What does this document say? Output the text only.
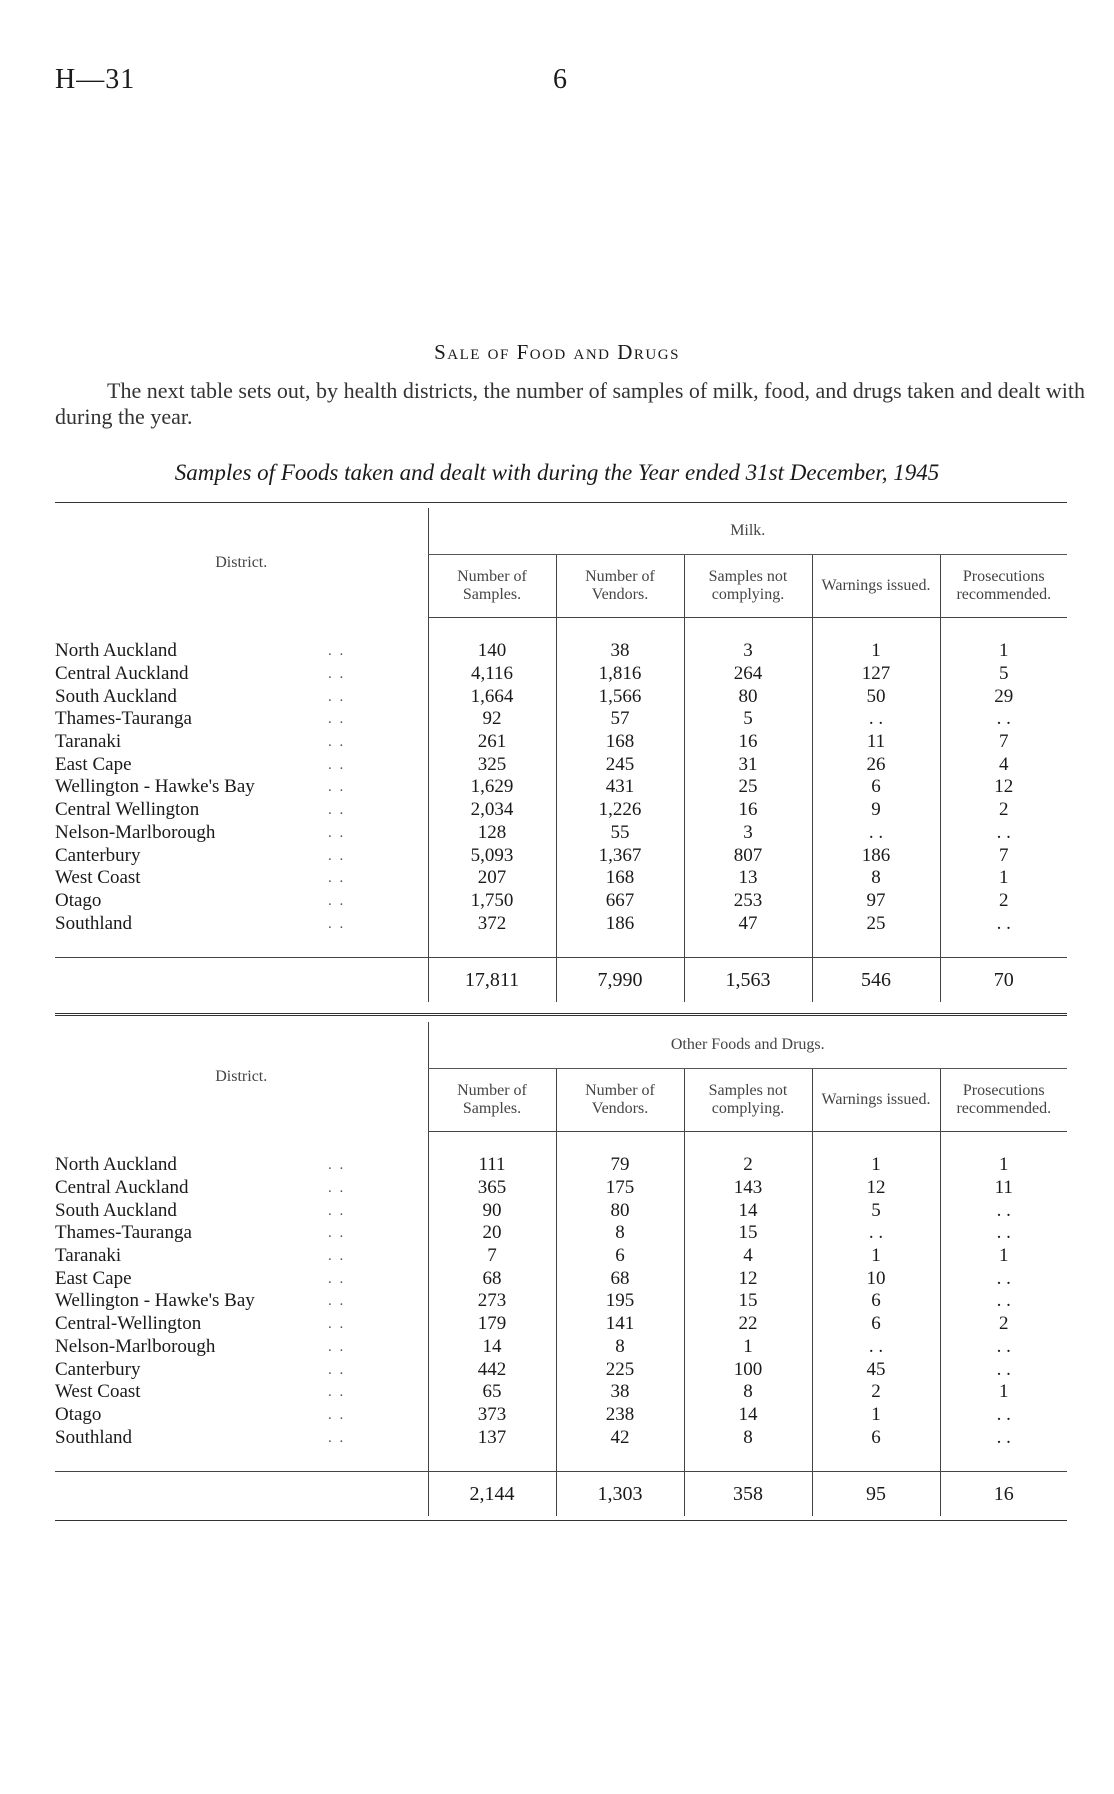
H—31	6
Sale of Food and Drugs
The next table sets out, by health districts, the number of samples of milk, food, and drugs taken and dealt with during the year.
Samples of Foods taken and dealt with during the Year ended 31st December, 1945
District.		Milk.				
		Number of Samples.	Number of Vendors.	Samples not complying.	Warnings issued.	Prosecutions recommended.

North Auckland	. .	140	38	3	1	1
Central Auckland	. .	4,116	1,816	264	127	5
South Auckland	. .	1,664	1,566	80	50	29
Thames-Tauranga	. .	92	57	5	. .	. .
Taranaki	. .	261	168	16	11	7
East Cape	. .	325	245	31	26	4
Wellington - Hawke's Bay	. .	1,629	431	25	6	12
Central Wellington	. .	2,034	1,226	16	9	2
Nelson-Marlborough	. .	128	55	3	. .	. .
Canterbury	. .	5,093	1,367	807	186	7
West Coast	. .	207	168	13	8	1
Otago	. .	1,750	667	253	97	2
Southland	. .	372	186	47	25	. .

		17,811	7,990	1,563	546	70
District.		Other Foods and Drugs.				
		Number of Samples.	Number of Vendors.	Samples not complying.	Warnings issued.	Prosecutions recommended.

North Auckland	. .	111	79	2	1	1
Central Auckland	. .	365	175	143	12	11
South Auckland	. .	90	80	14	5	. .
Thames-Tauranga	. .	20	8	15	. .	. .
Taranaki	. .	7	6	4	1	1
East Cape	. .	68	68	12	10	. .
Wellington - Hawke's Bay	. .	273	195	15	6	. .
Central-Wellington	. .	179	141	22	6	2
Nelson-Marlborough	. .	14	8	1	. .	. .
Canterbury	. .	442	225	100	45	. .
West Coast	. .	65	38	8	2	1
Otago	. .	373	238	14	1	. .
Southland	. .	137	42	8	6	. .

		2,144	1,303	358	95	16
